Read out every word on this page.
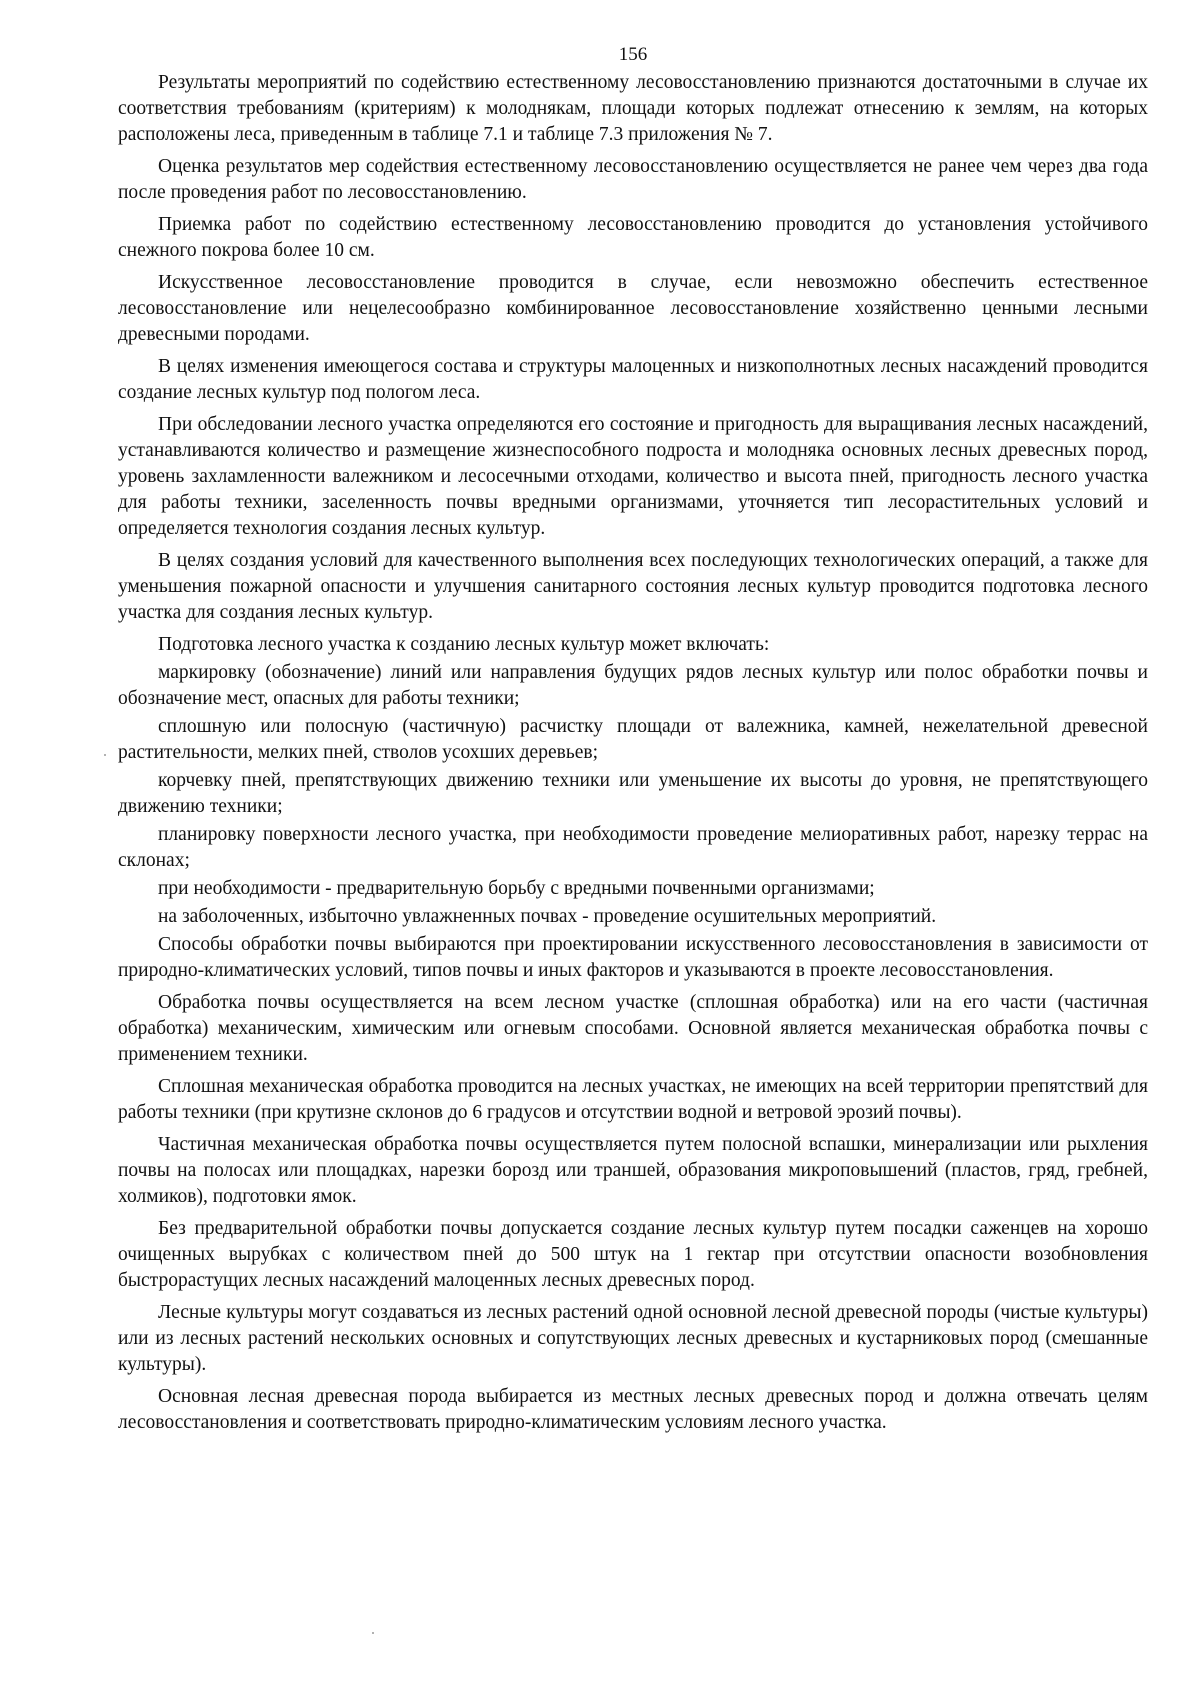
156

Результаты мероприятий по содействию естественному лесовосстановлению признаются достаточными в случае их соответствия требованиям (критериям) к молоднякам, площади которых подлежат отнесению к землям, на которых расположены леса, приведенным в таблице 7.1 и таблице 7.3 приложения № 7.

Оценка результатов мер содействия естественному лесовосстановлению осуществляется не ранее чем через два года после проведения работ по лесовосстановлению.

Приемка работ по содействию естественному лесовосстановлению проводится до установления устойчивого снежного покрова более 10 см.

Искусственное лесовосстановление проводится в случае, если невозможно обеспечить естественное лесовосстановление или нецелесообразно комбинированное лесовосстановление хозяйственно ценными лесными древесными породами.

В целях изменения имеющегося состава и структуры малоценных и низкополнотных лесных насаждений проводится создание лесных культур под пологом леса.

При обследовании лесного участка определяются его состояние и пригодность для выращивания лесных насаждений, устанавливаются количество и размещение жизнеспособного подроста и молодняка основных лесных древесных пород, уровень захламленности валежником и лесосечными отходами, количество и высота пней, пригодность лесного участка для работы техники, заселенность почвы вредными организмами, уточняется тип лесорастительных условий и определяется технология создания лесных культур.

В целях создания условий для качественного выполнения всех последующих технологических операций, а также для уменьшения пожарной опасности и улучшения санитарного состояния лесных культур проводится подготовка лесного участка для создания лесных культур.

Подготовка лесного участка к созданию лесных культур может включать:

маркировку (обозначение) линий или направления будущих рядов лесных культур или полос обработки почвы и обозначение мест, опасных для работы техники;

сплошную или полосную (частичную) расчистку площади от валежника, камней, нежелательной древесной растительности, мелких пней, стволов усохших деревьев;

корчевку пней, препятствующих движению техники или уменьшение их высоты до уровня, не препятствующего движению техники;

планировку поверхности лесного участка, при необходимости проведение мелиоративных работ, нарезку террас на склонах;

при необходимости - предварительную борьбу с вредными почвенными организмами;

на заболоченных, избыточно увлажненных почвах - проведение осушительных мероприятий.

Способы обработки почвы выбираются при проектировании искусственного лесовосстановления в зависимости от природно-климатических условий, типов почвы и иных факторов и указываются в проекте лесовосстановления.

Обработка почвы осуществляется на всем лесном участке (сплошная обработка) или на его части (частичная обработка) механическим, химическим или огневым способами. Основной является механическая обработка почвы с применением техники.

Сплошная механическая обработка проводится на лесных участках, не имеющих на всей территории препятствий для работы техники (при крутизне склонов до 6 градусов и отсутствии водной и ветровой эрозий почвы).

Частичная механическая обработка почвы осуществляется путем полосной вспашки, минерализации или рыхления почвы на полосах или площадках, нарезки борозд или траншей, образования микроповышений (пластов, гряд, гребней, холмиков), подготовки ямок.

Без предварительной обработки почвы допускается создание лесных культур путем посадки саженцев на хорошо очищенных вырубках с количеством пней до 500 штук на 1 гектар при отсутствии опасности возобновления быстрорастущих лесных насаждений малоценных лесных древесных пород.

Лесные культуры могут создаваться из лесных растений одной основной лесной древесной породы (чистые культуры) или из лесных растений нескольких основных и сопутствующих лесных древесных и кустарниковых пород (смешанные культуры).

Основная лесная древесная порода выбирается из местных лесных древесных пород и должна отвечать целям лесовосстановления и соответствовать природно-климатическим условиям лесного участка.
